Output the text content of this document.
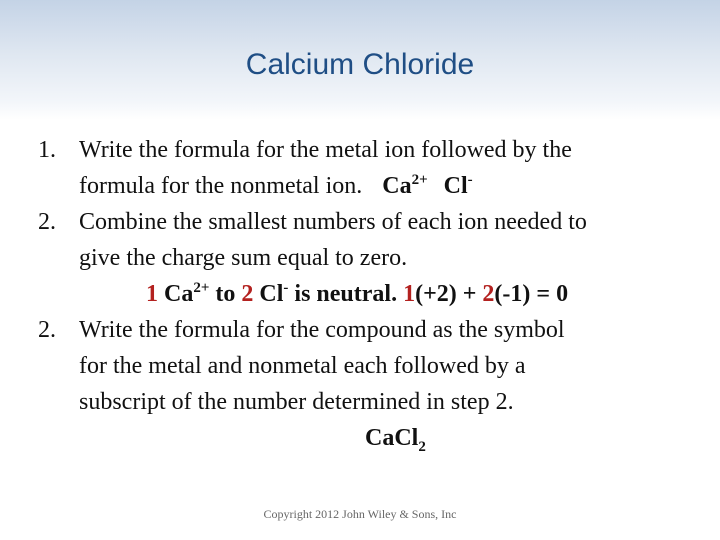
Calcium Chloride
1. Write the formula for the metal ion followed by the
formula for the nonmetal ion. $Ca^{2+}$ Cl-
2. Combine the smallest numbers of each ion needed to
give the charge sum equal to zero.
1 $Ca^{2+}$ to 2 Cl- is neutral. 1(+2) + 2(-1) = 0
2. Write the formula for the compound as the symbol
for the metal and nonmetal each followed by a
subscript of the number determined in step 2.
CaCl$_2$
Copyright 2012 John Wiley & Sons, Inc
